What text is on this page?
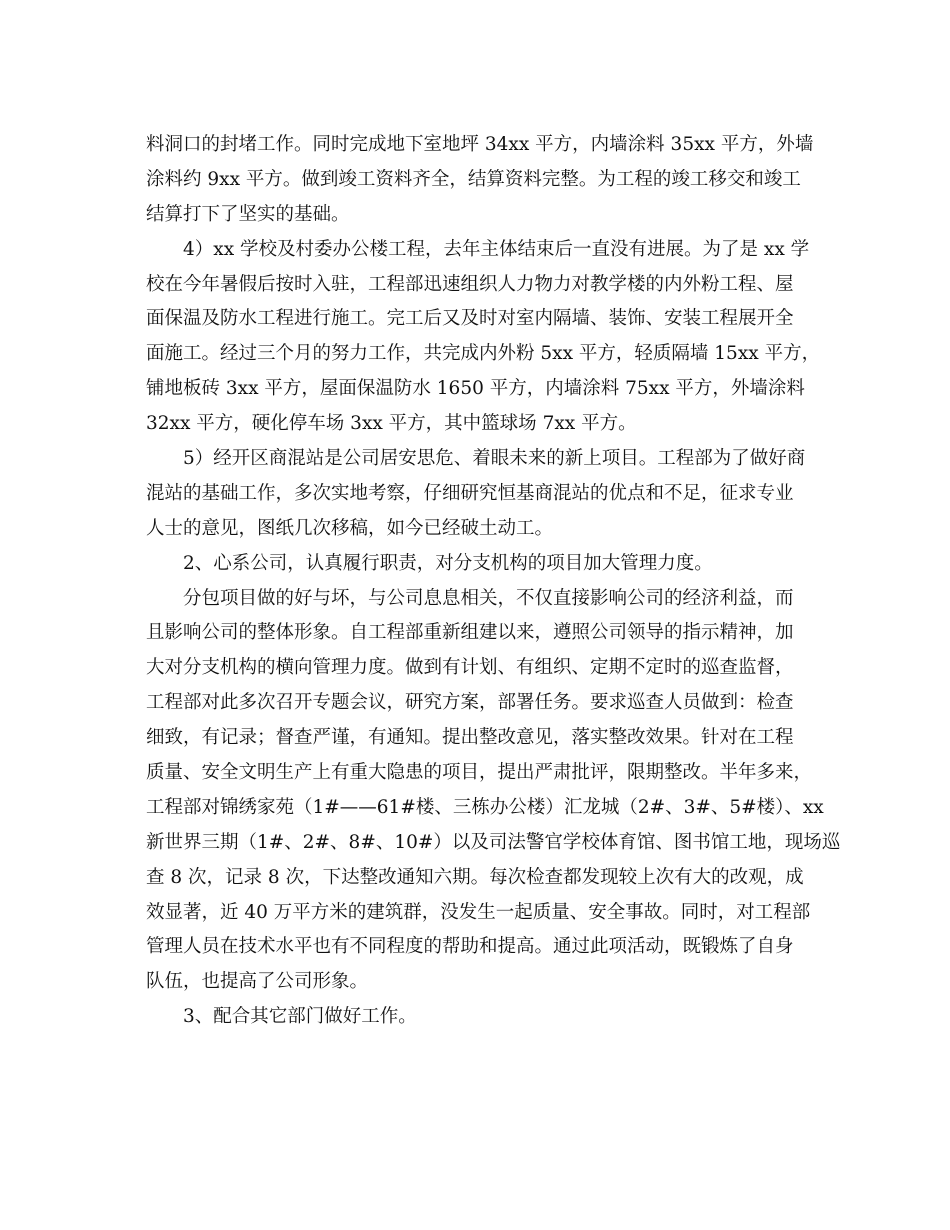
料洞口的封堵工作。同时完成地下室地坪 34xx 平方，内墙涂料 35xx 平方，外墙
涂料约 9xx 平方。做到竣工资料齐全，结算资料完整。为工程的竣工移交和竣工
结算打下了坚实的基础。
4）xx 学校及村委办公楼工程，去年主体结束后一直没有进展。为了是 xx 学
校在今年暑假后按时入驻，工程部迅速组织人力物力对教学楼的内外粉工程、屋
面保温及防水工程进行施工。完工后又及时对室内隔墙、装饰、安装工程展开全
面施工。经过三个月的努力工作，共完成内外粉 5xx 平方，轻质隔墙 15xx 平方，
铺地板砖 3xx 平方，屋面保温防水 1650 平方，内墙涂料 75xx 平方，外墙涂料
32xx 平方，硬化停车场 3xx 平方，其中篮球场 7xx 平方。
5）经开区商混站是公司居安思危、着眼未来的新上项目。工程部为了做好商
混站的基础工作，多次实地考察，仔细研究恒基商混站的优点和不足，征求专业
人士的意见，图纸几次移稿，如今已经破土动工。
2、心系公司，认真履行职责，对分支机构的项目加大管理力度。
分包项目做的好与坏，与公司息息相关，不仅直接影响公司的经济利益，而
且影响公司的整体形象。自工程部重新组建以来，遵照公司领导的指示精神，加
大对分支机构的横向管理力度。做到有计划、有组织、定期不定时的巡查监督，
工程部对此多次召开专题会议，研究方案，部署任务。要求巡查人员做到：检查
细致，有记录；督查严谨，有通知。提出整改意见，落实整改效果。针对在工程
质量、安全文明生产上有重大隐患的项目，提出严肃批评，限期整改。半年多来，
工程部对锦绣家苑（1#——61#楼、三栋办公楼）汇龙城（2#、3#、5#楼）、xx
新世界三期（1#、2#、8#、10#）以及司法警官学校体育馆、图书馆工地，现场巡
查 8 次，记录 8 次，下达整改通知六期。每次检查都发现较上次有大的改观，成
效显著，近 40 万平方米的建筑群，没发生一起质量、安全事故。同时，对工程部
管理人员在技术水平也有不同程度的帮助和提高。通过此项活动，既锻炼了自身
队伍，也提高了公司形象。
3、配合其它部门做好工作。
